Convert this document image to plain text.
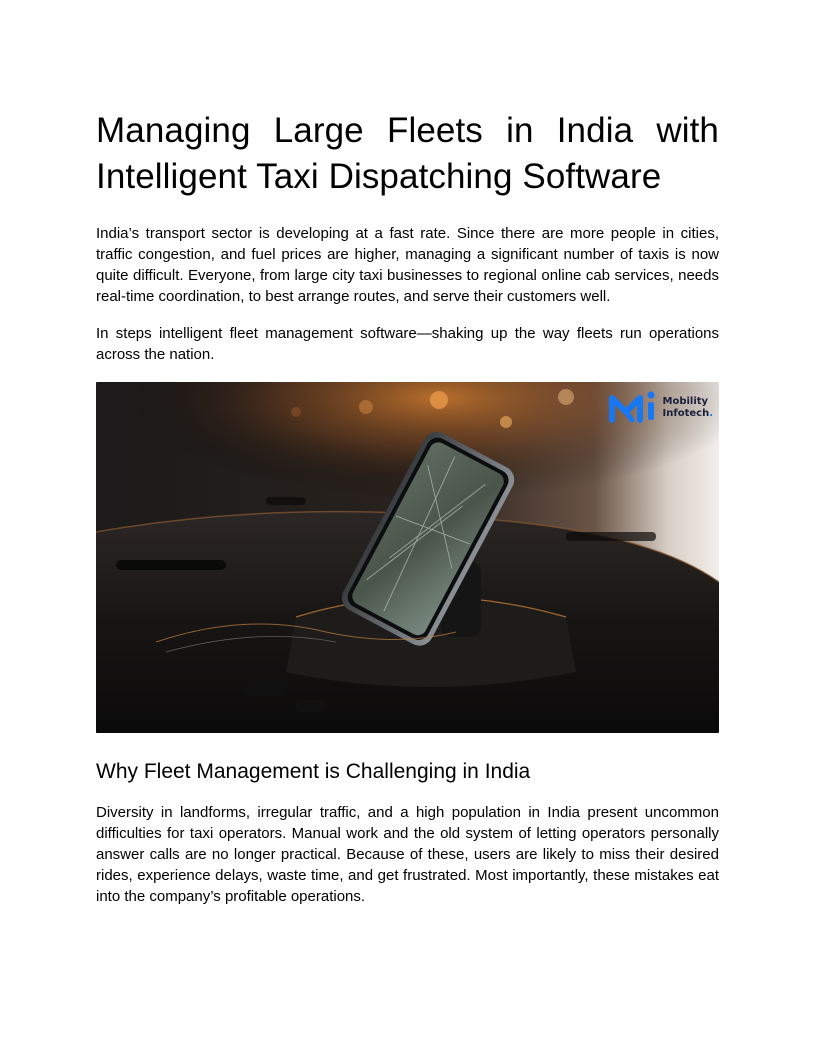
Managing Large Fleets in India with Intelligent Taxi Dispatching Software

India’s transport sector is developing at a fast rate. Since there are more people in cities, traffic congestion, and fuel prices are higher, managing a significant number of taxis is now quite difficult. Everyone, from large city taxi businesses to regional online cab services, needs real-time coordination, to best arrange routes, and serve their customers well.

In steps intelligent fleet management software—shaking up the way fleets run operations across the nation.

Mobility
Infotech.
Why Fleet Management is Challenging in India

Diversity in landforms, irregular traffic, and a high population in India present uncommon difficulties for taxi operators. Manual work and the old system of letting operators personally answer calls are no longer practical. Because of these, users are likely to miss their desired rides, experience delays, waste time, and get frustrated. Most importantly, these mistakes eat into the company’s profitable operations.
